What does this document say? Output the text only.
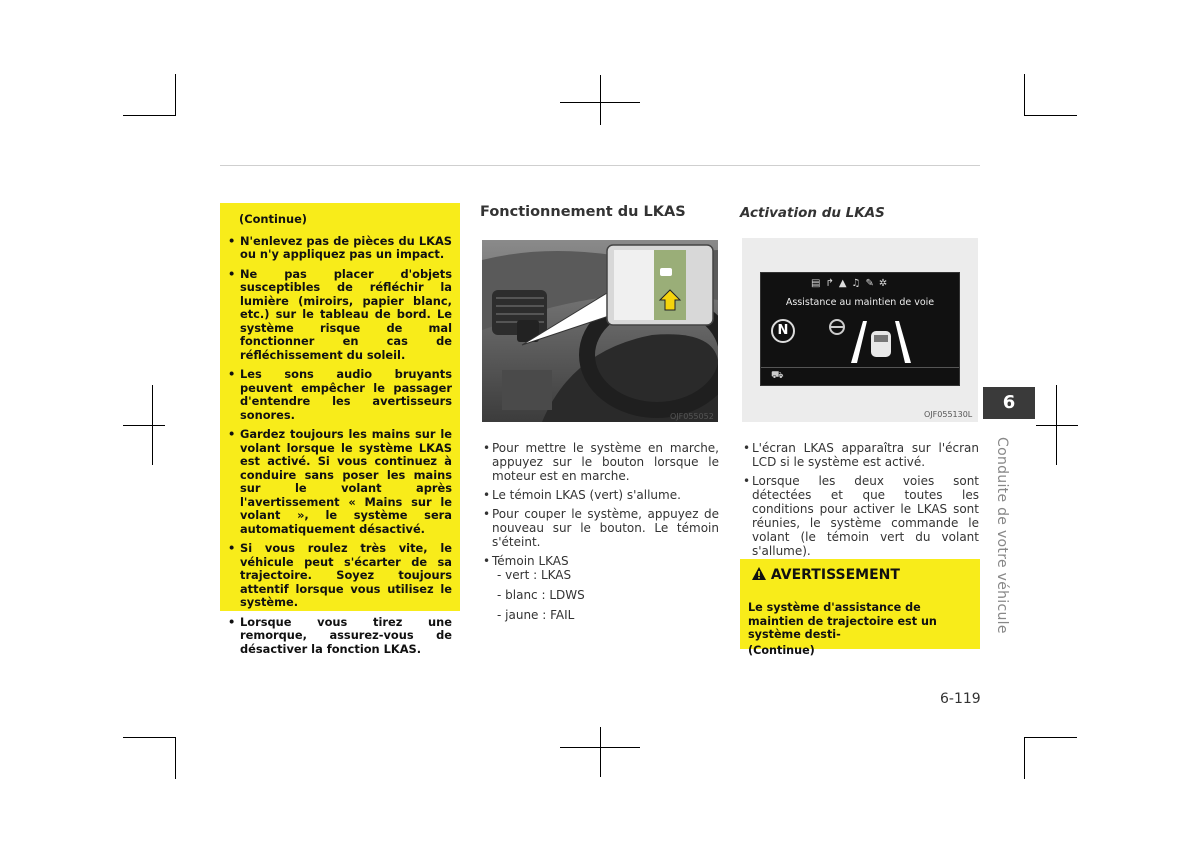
(Continue)
• N'enlevez pas de pièces du LKAS ou n'y appliquez pas un impact.
• Ne pas placer d'objets susceptibles de réfléchir la lumière (miroirs, papier blanc, etc.) sur le tableau de bord. Le système risque de mal fonctionner en cas de réfléchissement du soleil.
• Les sons audio bruyants peuvent empêcher le passager d'entendre les avertisseurs sonores.
• Gardez toujours les mains sur le volant lorsque le système LKAS est activé. Si vous continuez à conduire sans poser les mains sur le volant après l'avertissement « Mains sur le volant », le système sera automatiquement désactivé.
• Si vous roulez très vite, le véhicule peut s'écarter de sa trajectoire. Soyez toujours attentif lorsque vous utilisez le système.
• Lorsque vous tirez une remorque, assurez-vous de désactiver la fonction LKAS.
Fonctionnement du LKAS
OJF055052
• Pour mettre le système en marche, appuyez sur le bouton lorsque le moteur est en marche.
• Le témoin LKAS (vert) s'allume.
• Pour couper le système, appuyez de nouveau sur le bouton. Le témoin s'éteint.
• Témoin LKAS
- vert : LKAS
- blanc : LDWS
- jaune : FAIL
Activation du LKAS
▤↱▲♫✎✲
Assistance au maintien de voie
N
⛟
OJF055130L
• L'écran LKAS apparaîtra sur l'écran LCD si le système est activé.
• Lorsque les deux voies sont détectées et que toutes les conditions pour activer le LKAS sont réunies, le système commande le volant (le témoin vert du volant s'allume).
AVERTISSEMENT
Le système d'assistance de maintien de trajectoire est un système desti-
(Continue)
6
Conduite de votre véhicule
6-119
